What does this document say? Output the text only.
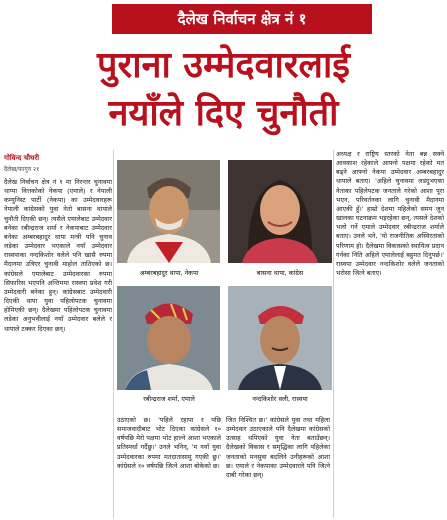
दैलेख निर्वाचन क्षेत्र नं १
पुराना उम्मेदवारलाई
नयाँले दिए चुनौती
गोविन्द चौधरी
दैलेख/फागुन २१
दैलेख निर्वाचन क्षेत्र नं १ मा निरन्तर चुनावमा थाप्पा वित्तकोको नेकपा (एमाले) र नेपाली कम्युनिस्ट पार्टी (नेकपा) का उम्मेदवारहरू नेपाली कांग्रेसको युवा नेतो बासना थापाले चुनौती दिएकी छन्। त्यसैले एमालेबाट उम्मेदवार बनेका रबीन्द्रराज शर्मा र नेकपाबाट उम्मेदवार बनेका अम्बरबहादुर थापा मन्त्री पनि चुनाव लडेका उम्मेदवार भएकाले नयाँ उम्मेदवार रास्वपाका नन्दकिशोर वलेले पनि खासै रुपमा मैदानमा उत्रिएर चुनावी माहोल तातिएको छ। कांग्रेसले एमालेबाट उम्मेदवारका रुपमा सिफारिस भएपनि अन्तिममा रास्वपा प्रवेश गरी उम्मेदवारी बनेका हुन्। कांग्रेसबाट उम्मेदवारी दिएकी थापा युवा पहिलोपटक चुनावमा होमिएकी छन्। दैलेखमा पहिलोपटक चुनावमा लडेका अनुभवीलाई नयाँ उम्मेदवार बलेले र थापाले टक्कर दिएका छन्।
अम्बरबहादुर थापा, नेकपा	बासना थापा, कांग्रेस
रबीन्द्रराज शर्मा, एमाले	नन्दकिशोर वली, रास्वपा
उठाएको छ। 'पहिले रहापा र पछि समाजवादीबाट भोट दिएका कांग्रेसले १० वर्षपछि मेरो पक्षमा भोट हाल्ने आशा भएकाले प्रतिस्पर्धा गर्दैछु।' उनले भनिन्, 'म नयाँ युवा उम्मेदवारका रुपमा मतदातासामु गएकी छु।' कांग्रेसले १० वर्षपछि जित्ने आशा बोकेको छ।
जित निश्चित छ।' कांग्रेसले युवा तथा महिला उम्मेदवार उठाएकाले पनि दैलेखमा कांग्रेसको उत्साह थपिएको युवा नेता बताउँछन्। दैलेखको विकास र समृद्धिका लागि पहिलेका जनताको मनसुवा बदलिने उनीहरूको आशा छ। एमाले र नेकपाका उम्मेदवारले पनि जित्ने दाबी गरेका छन्।
अध्यक्ष र राष्ट्रिय स्तरको नेता बन्न सक्ने आवकाश रहेकाले आफ्नो पक्षमा रहेको मत बढ्ने आफ्नो नेकपा उम्मेदवार अम्बरबहादुर थापाले बताए। 'अहिले चुनावमा लडदुभएका नेताका पहिलेपटक जनताले गरेको आशा पूरा भएन, परिवर्तनका लागि चुनावी मैदानमा आएकी हुँ।' हाम्रो देशमा पहिलेको समय जुन खालका घटनाक्रम भइरहेका छन्, त्यसले देशको भलो गर्ने एमाले उम्मेदवार रबीन्द्रराज शर्माले बताए। उनले भने, 'यो राजनीतिक अस्थिरताको परिणाम हो। दैलेखमा विकासको स्थायित्व प्रदान गर्नका निति अहिले एमालेलाई बहुमत दिनुपर्छ।' रास्वपा उम्मेदवार नन्दकिशोर वलेले जनताको भरोसा जित्ने बताए।
